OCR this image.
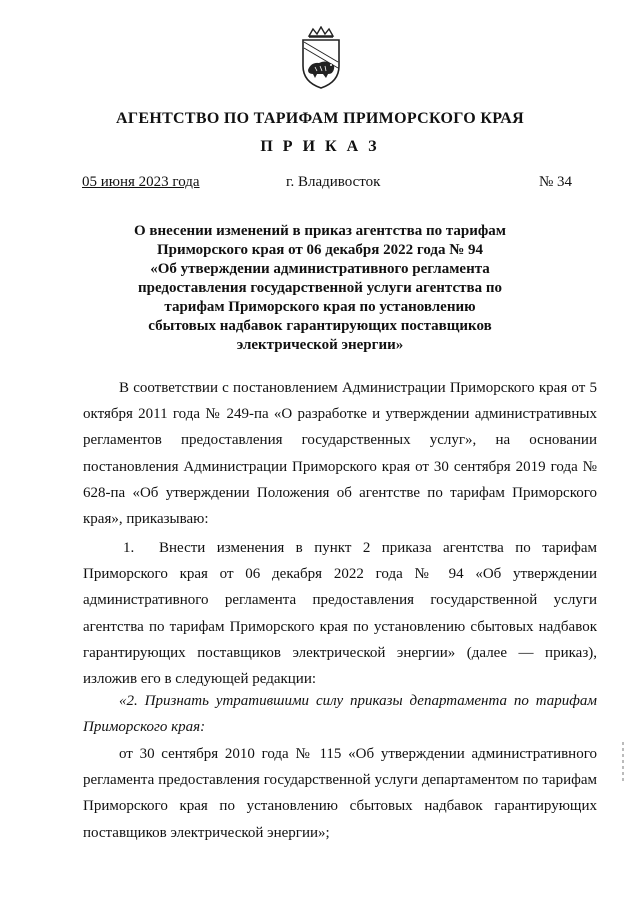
АГЕНТСТВО ПО ТАРИФАМ ПРИМОРСКОГО КРАЯ
П Р И К А З
05 июня 2023 года	г. Владивосток	№ 34
О внесении изменений в приказ агентства по тарифам
Приморского края от 06 декабря 2022 года № 94
«Об утверждении административного регламента
предоставления государственной услуги агентства по
тарифам Приморского края по установлению
сбытовых надбавок гарантирующих поставщиков
электрической энергии»
В соответствии с постановлением Администрации Приморского края от 5 октября 2011 года № 249-па «О разработке и утверждении административных регламентов предоставления государственных услуг», на основании постановления Администрации Приморского края от 30 сентября 2019 года № 628-па «Об утверждении Положения об агентстве по тарифам Приморского края», приказываю:
1. Внести изменения в пункт 2 приказа агентства по тарифам Приморского края от 06 декабря 2022 года № 94 «Об утверждении административного регламента предоставления государственной услуги агентства по тарифам Приморского края по установлению сбытовых надбавок гарантирующих поставщиков электрической энергии» (далее — приказ), изложив его в следующей редакции:
«2. Признать утратившими силу приказы департамента по тарифам Приморского края:
от 30 сентября 2010 года № 115 «Об утверждении административного регламента предоставления государственной услуги департаментом по тарифам Приморского края по установлению сбытовых надбавок гарантирующих поставщиков электрической энергии»;
